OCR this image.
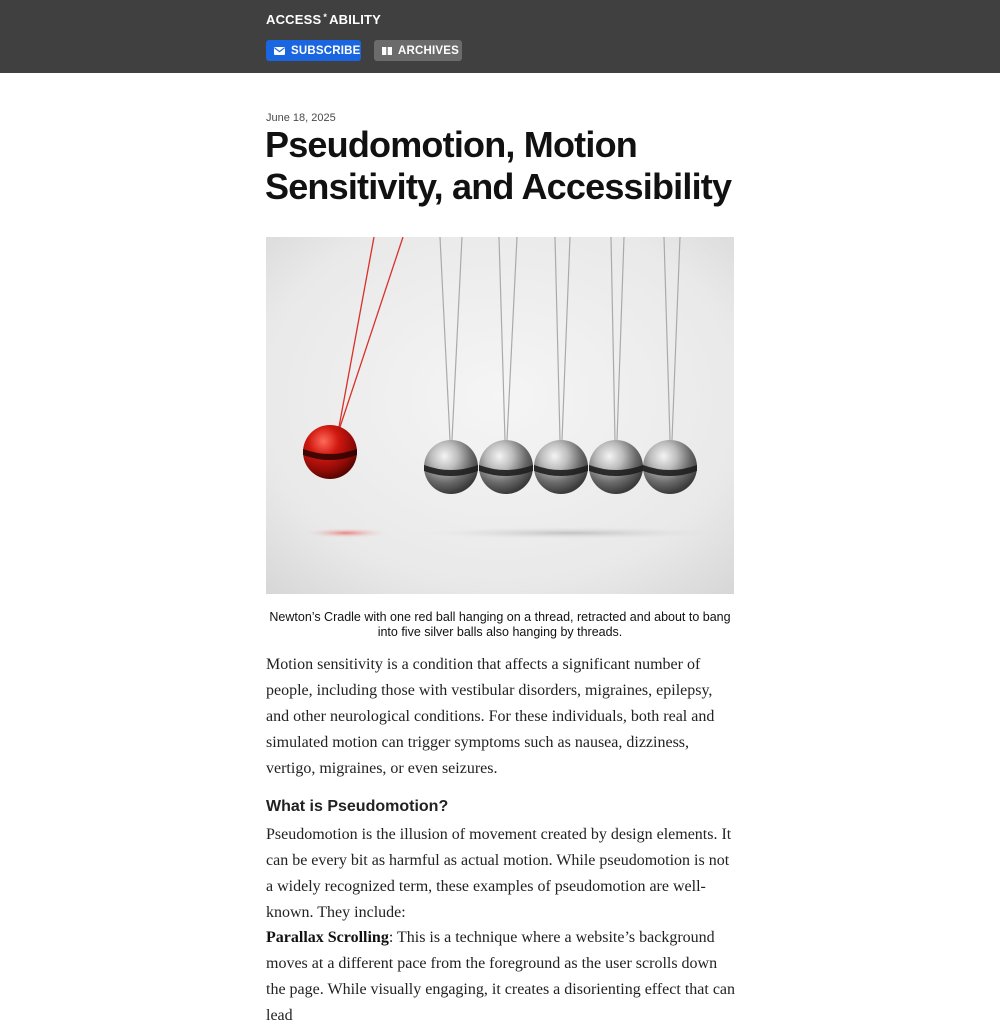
ACCESS * ABILITY
SUBSCRIBE	ARCHIVES
June 18, 2025
Pseudomotion, Motion Sensitivity, and Accessibility
Newton’s Cradle with one red ball hanging on a thread, retracted and about to bang into five silver balls also hanging by threads.

Motion sensitivity is a condition that affects a significant number of people, including those with vestibular disorders, migraines, epilepsy, and other neurological conditions. For these individuals, both real and simulated motion can trigger symptoms such as nausea, dizziness, vertigo, migraines, or even seizures.

What is Pseudomotion?

Pseudomotion is the illusion of movement created by design elements. It can be every bit as harmful as actual motion. While pseudomotion is not a widely recognized term, these examples of pseudomotion are well-known. They include:

Parallax Scrolling: This is a technique where a website’s background moves at a different pace from the foreground as the user scrolls down the page. While visually engaging, it creates a disorienting effect that can lead
